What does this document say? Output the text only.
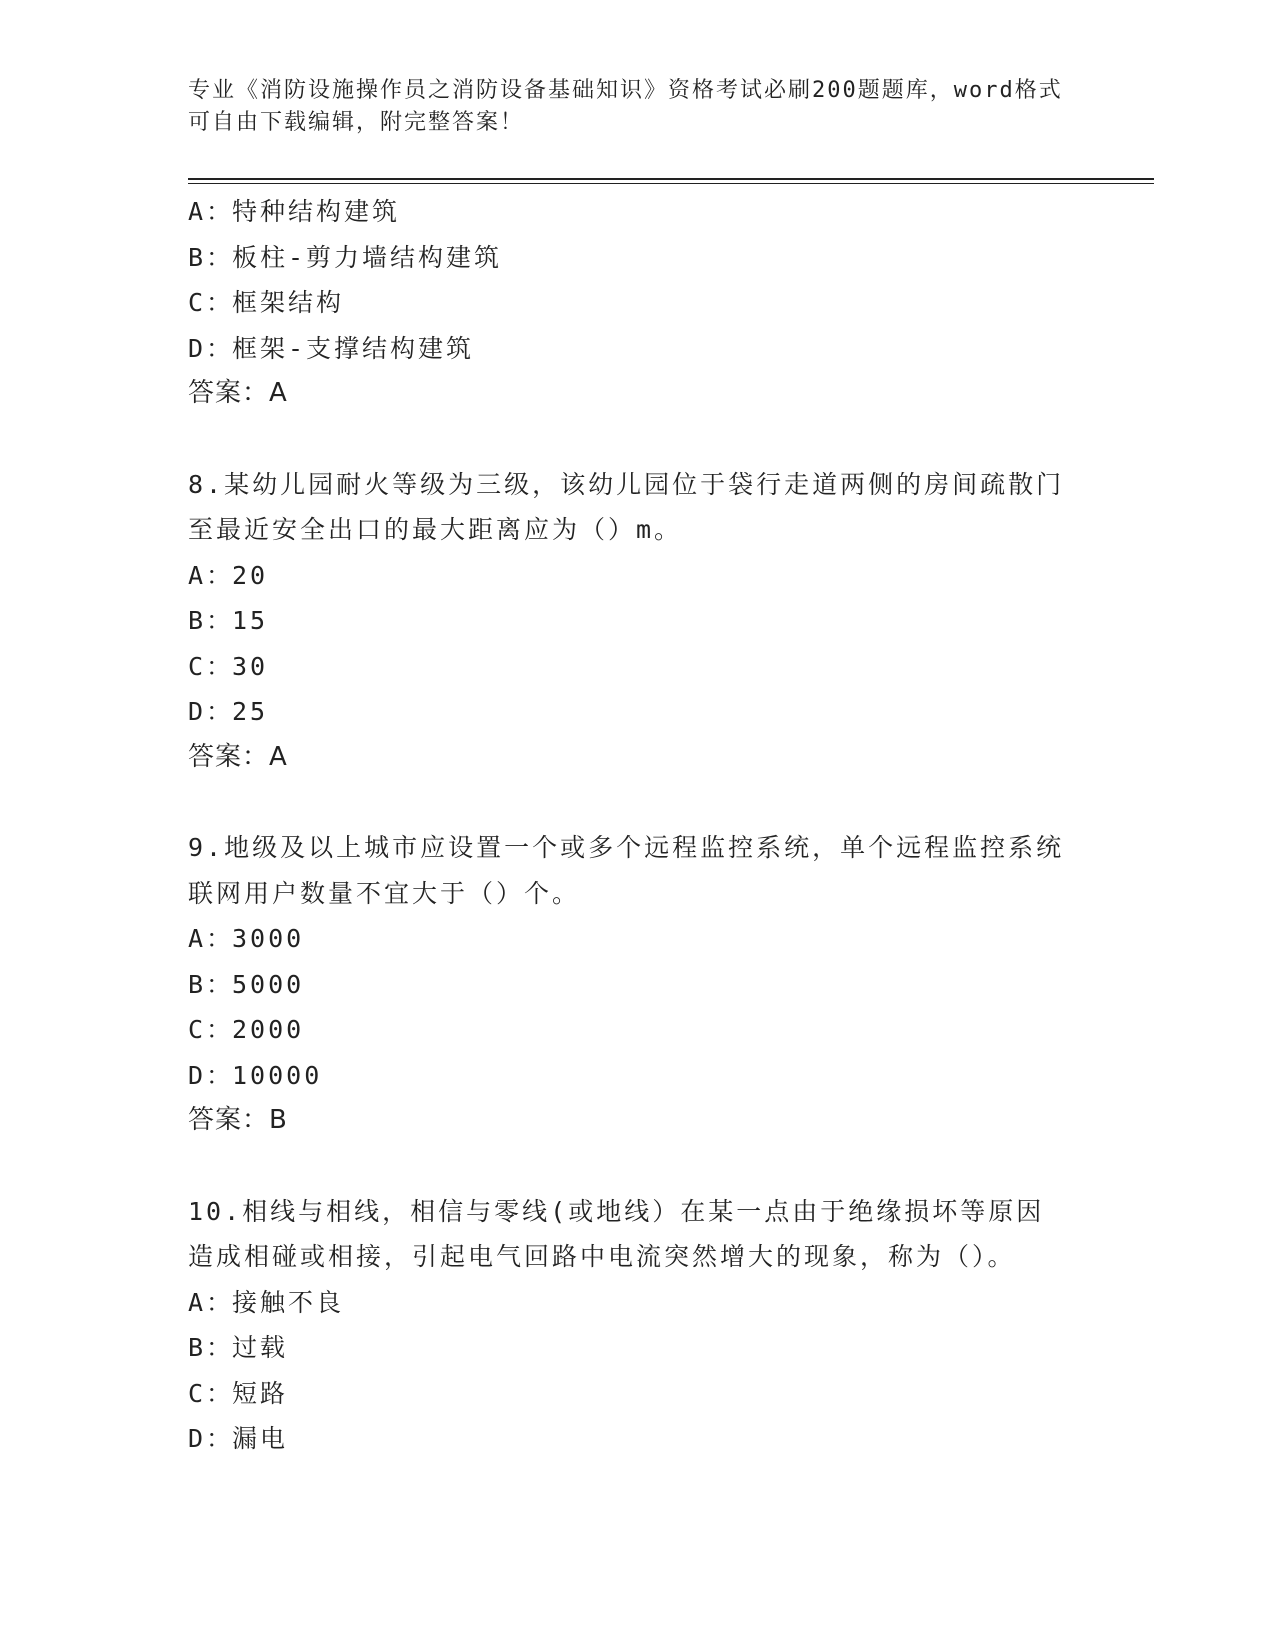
专业《消防设施操作员之消防设备基础知识》资格考试必刷200题题库，word格式可自由下载编辑，附完整答案！

A：特种结构建筑
B：板柱-剪力墙结构建筑
C：框架结构
D：框架-支撑结构建筑
答案：A
8.某幼儿园耐火等级为三级，该幼儿园位于袋行走道两侧的房间疏散门至最近安全出口的最大距离应为（）m。
A：20
B：15
C：30
D：25
答案：A
9.地级及以上城市应设置一个或多个远程监控系统，单个远程监控系统联网用户数量不宜大于（）个。
A：3000
B：5000
C：2000
D：10000
答案：B
10.相线与相线，相信与零线(或地线）在某一点由于绝缘损坏等原因造成相碰或相接，引起电气回路中电流突然增大的现象，称为（）。
A：接触不良
B：过载
C：短路
D：漏电
